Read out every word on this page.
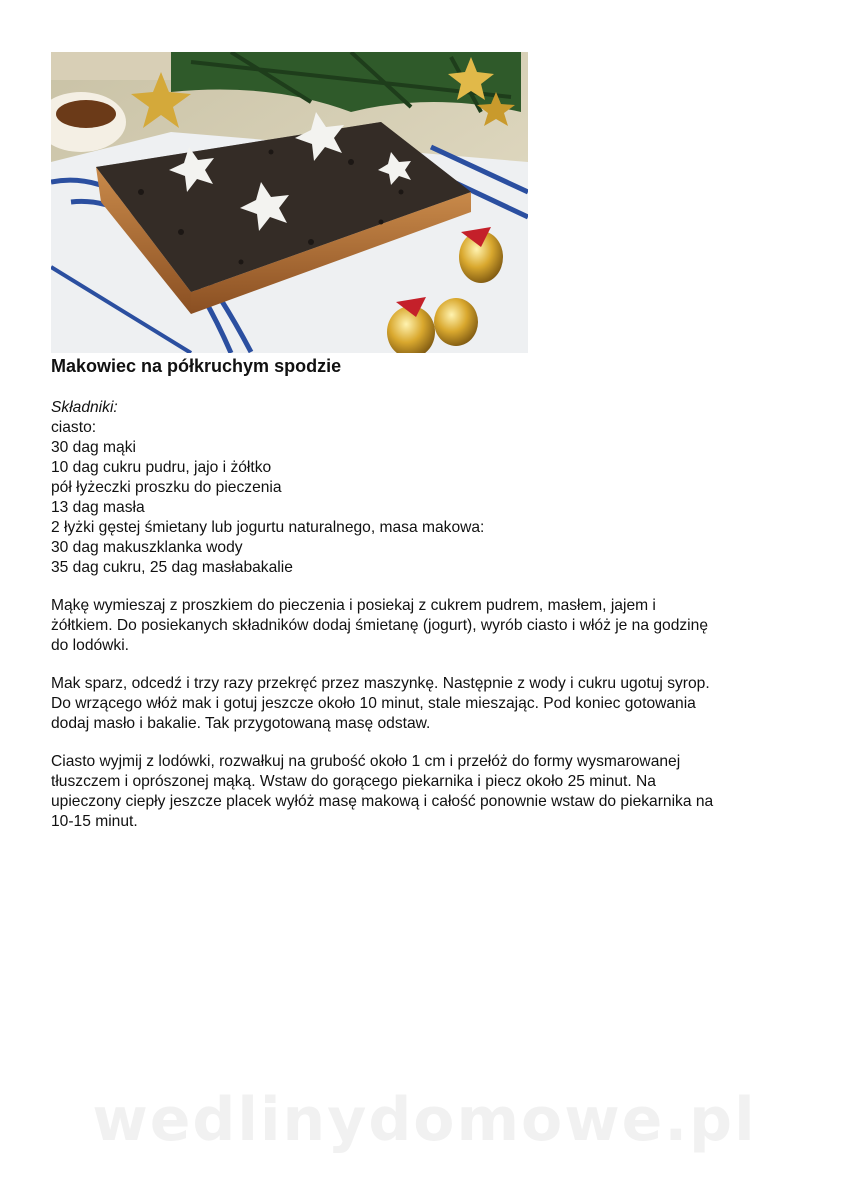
Makowiec na półkruchym spodzie
Składniki:
ciasto:
30 dag mąki
10 dag cukru pudru, jajo i żółtko
pół łyżeczki proszku do pieczenia
13 dag masła
2 łyżki gęstej śmietany lub jogurtu naturalnego, masa makowa:
30 dag makuszklanka wody
35 dag cukru, 25 dag masłabakalie
Mąkę wymieszaj z proszkiem do pieczenia i posiekaj z cukrem pudrem, masłem, jajem i
żółtkiem. Do posiekanych składników dodaj śmietanę (jogurt), wyrób ciasto i włóż je na godzinę
do lodówki.
Mak sparz, odcedź i trzy razy przekręć przez maszynkę. Następnie z wody i cukru ugotuj syrop.
Do wrzącego włóż mak i gotuj jeszcze około 10 minut, stale mieszając. Pod koniec gotowania
dodaj masło i bakalie. Tak przygotowaną masę odstaw.
Ciasto wyjmij z lodówki, rozwałkuj na grubość około 1 cm i przełóż do formy wysmarowanej
tłuszczem i oprószonej mąką. Wstaw do gorącego piekarnika i piecz około 25 minut. Na
upieczony ciepły jeszcze placek wyłóż masę makową i całość ponownie wstaw do piekarnika na
10-15 minut.
wedlinydomowe.pl
